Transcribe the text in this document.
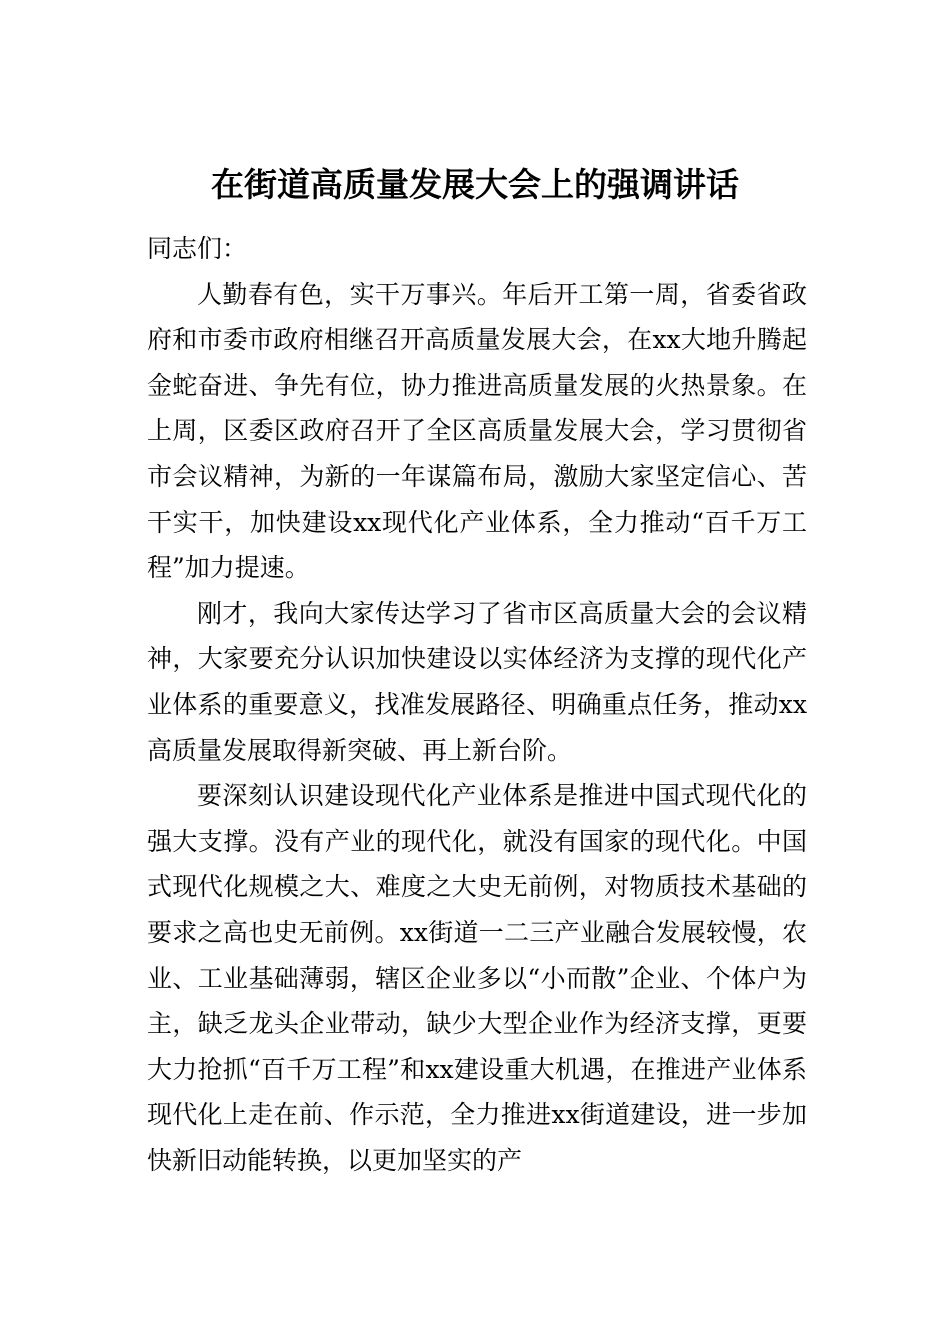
在街道高质量发展大会上的强调讲话

同志们：

人勤春有色，实干万事兴。年后开工第一周，省委省政府和市委市政府相继召开高质量发展大会，在xx大地升腾起金蛇奋进、争先有位，协力推进高质量发展的火热景象。在上周，区委区政府召开了全区高质量发展大会，学习贯彻省市会议精神，为新的一年谋篇布局，激励大家坚定信心、苦干实干，加快建设xx现代化产业体系，全力推动“百千万工程”加力提速。

刚才，我向大家传达学习了省市区高质量大会的会议精神，大家要充分认识加快建设以实体经济为支撑的现代化产业体系的重要意义，找准发展路径、明确重点任务，推动xx高质量发展取得新突破、再上新台阶。

要深刻认识建设现代化产业体系是推进中国式现代化的强大支撑。没有产业的现代化，就没有国家的现代化。中国式现代化规模之大、难度之大史无前例，对物质技术基础的要求之高也史无前例。xx街道一二三产业融合发展较慢，农业、工业基础薄弱，辖区企业多以“小而散”企业、个体户为主，缺乏龙头企业带动，缺少大型企业作为经济支撑，更要大力抢抓“百千万工程”和xx建设重大机遇，在推进产业体系现代化上走在前、作示范，全力推进xx街道建设，进一步加快新旧动能转换，以更加坚实的产
